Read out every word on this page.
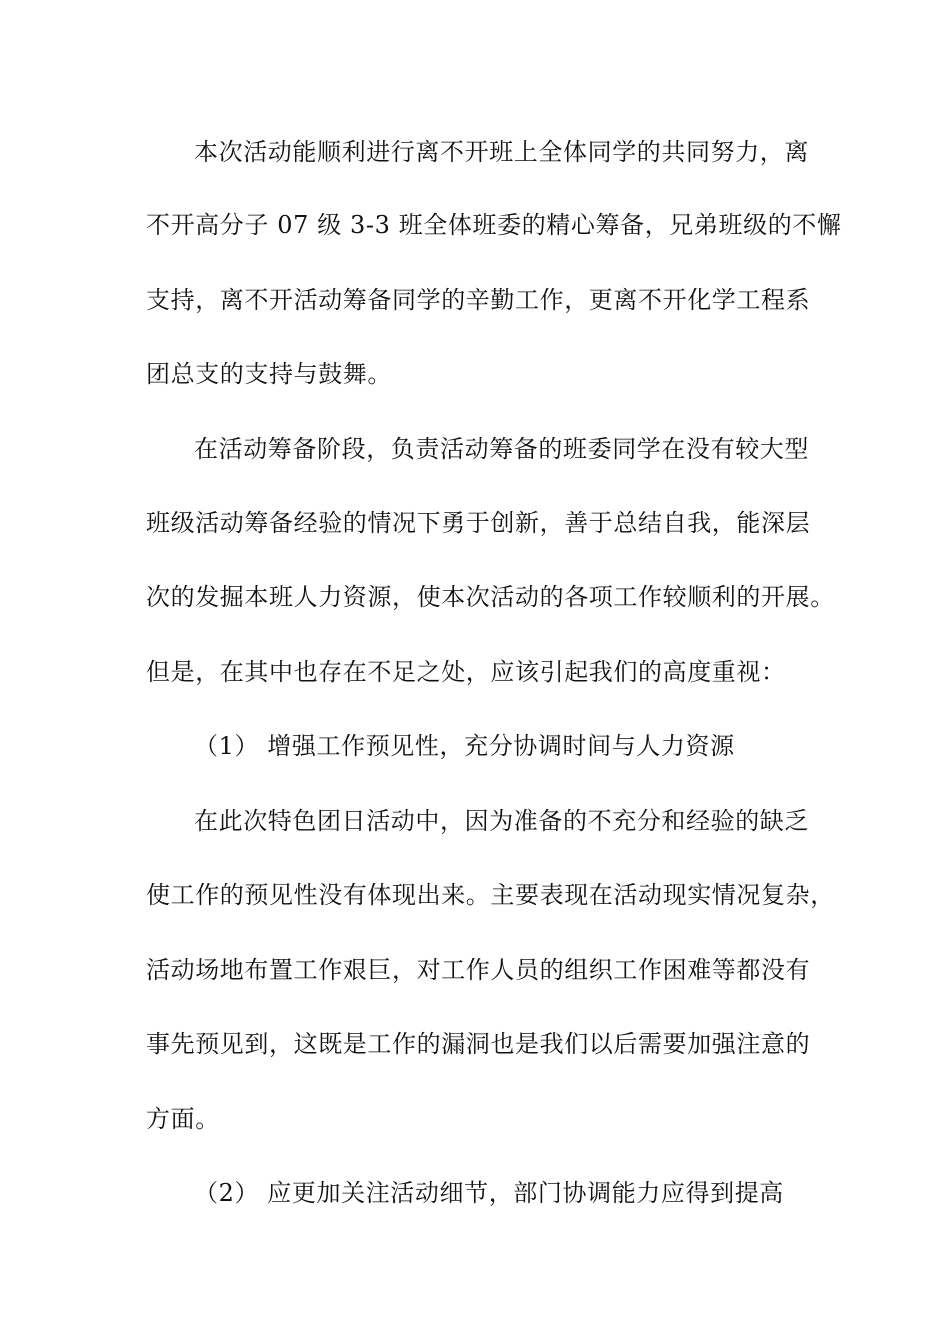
本次活动能顺利进行离不开班上全体同学的共同努力，离
不开高分子 07 级 3-3 班全体班委的精心筹备，兄弟班级的不懈
支持，离不开活动筹备同学的辛勤工作，更离不开化学工程系
团总支的支持与鼓舞。
在活动筹备阶段，负责活动筹备的班委同学在没有较大型
班级活动筹备经验的情况下勇于创新，善于总结自我，能深层
次的发掘本班人力资源，使本次活动的各项工作较顺利的开展。
但是，在其中也存在不足之处，应该引起我们的高度重视：
（1） 增强工作预见性，充分协调时间与人力资源
在此次特色团日活动中，因为准备的不充分和经验的缺乏
使工作的预见性没有体现出来。主要表现在活动现实情况复杂，
活动场地布置工作艰巨，对工作人员的组织工作困难等都没有
事先预见到，这既是工作的漏洞也是我们以后需要加强注意的
方面。
（2） 应更加关注活动细节，部门协调能力应得到提高
